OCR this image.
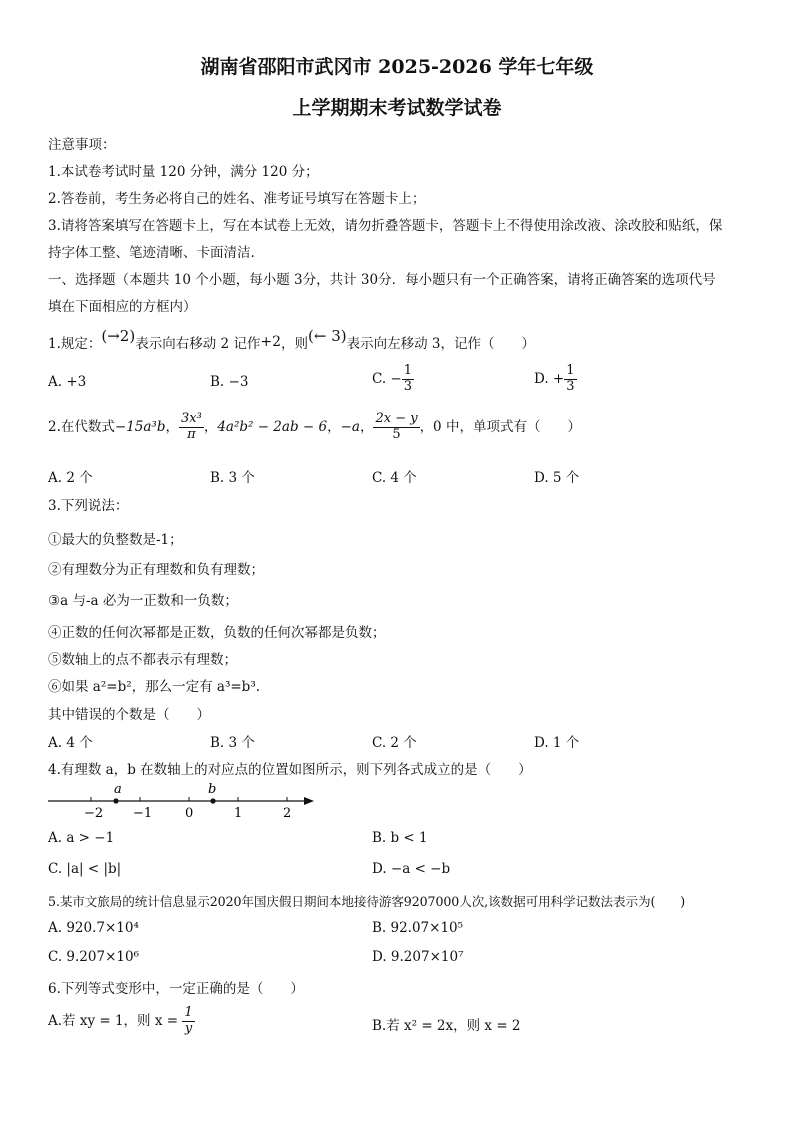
湖南省邵阳市武冈市 2025-2026 学年七年级
上学期期末考试数学试卷
注意事项：
1.本试卷考试时量 120 分钟，满分 120 分；
2.答卷前，考生务必将自己的姓名、准考证号填写在答题卡上；
3.请将答案填写在答题卡上，写在本试卷上无效，请勿折叠答题卡，答题卡上不得使用涂改液、涂改胶和贴纸，保
持字体工整、笔迹清晰、卡面清洁.
一、选择题（本题共 10 个小题，每小题 3分，共计 30分．每小题只有一个正确答案，请将正确答案的选项代号
填在下面相应的方框内）
1.规定：(→2)表示向右移动 2 记作+2，则(← 3)表示向左移动 3，记作（　　）
A. +3	B. −3	C. − $\frac{1}{3}$	D. + $\frac{1}{3}$
2.在代数式−15a³b， $\frac{\text{3x³}}{\pi}$ ，4a²b² − 2ab − 6，−a， $\frac{2x - y}{5}$ ，0 中，单项式有（　　）
A. 2 个	B. 3 个	C. 4 个	D. 5 个
3.下列说法：
①最大的负整数是-1；
②有理数分为正有理数和负有理数；
③a 与-a 必为一正数和一负数；
④正数的任何次幂都是正数，负数的任何次幂都是负数；
⑤数轴上的点不都表示有理数；
⑥如果 a²=b²，那么一定有 a³=b³.
其中错误的个数是（　　）
A. 4 个	B. 3 个	C. 2 个	D. 1 个
4.有理数 a，b 在数轴上的对应点的位置如图所示，则下列各式成立的是（　　）
a	b
−2 −1	0	1	2
A. a > −1	B. b < 1
C. |a| < |b|	D. −a < −b
5.某市文旅局的统计信息显示2020年国庆假日期间本地接待游客9207000人次,该数据可用科学记数法表示为(　　)
A. 920.7×10⁴	B. 92.07×10⁵
C. 9.207×10⁶	D. 9.207×10⁷
6.下列等式变形中，一定正确的是（　　）
A.若 xy = 1，则 $x = \frac{1}{y}$	B.若 x² = 2x，则 x = 2
